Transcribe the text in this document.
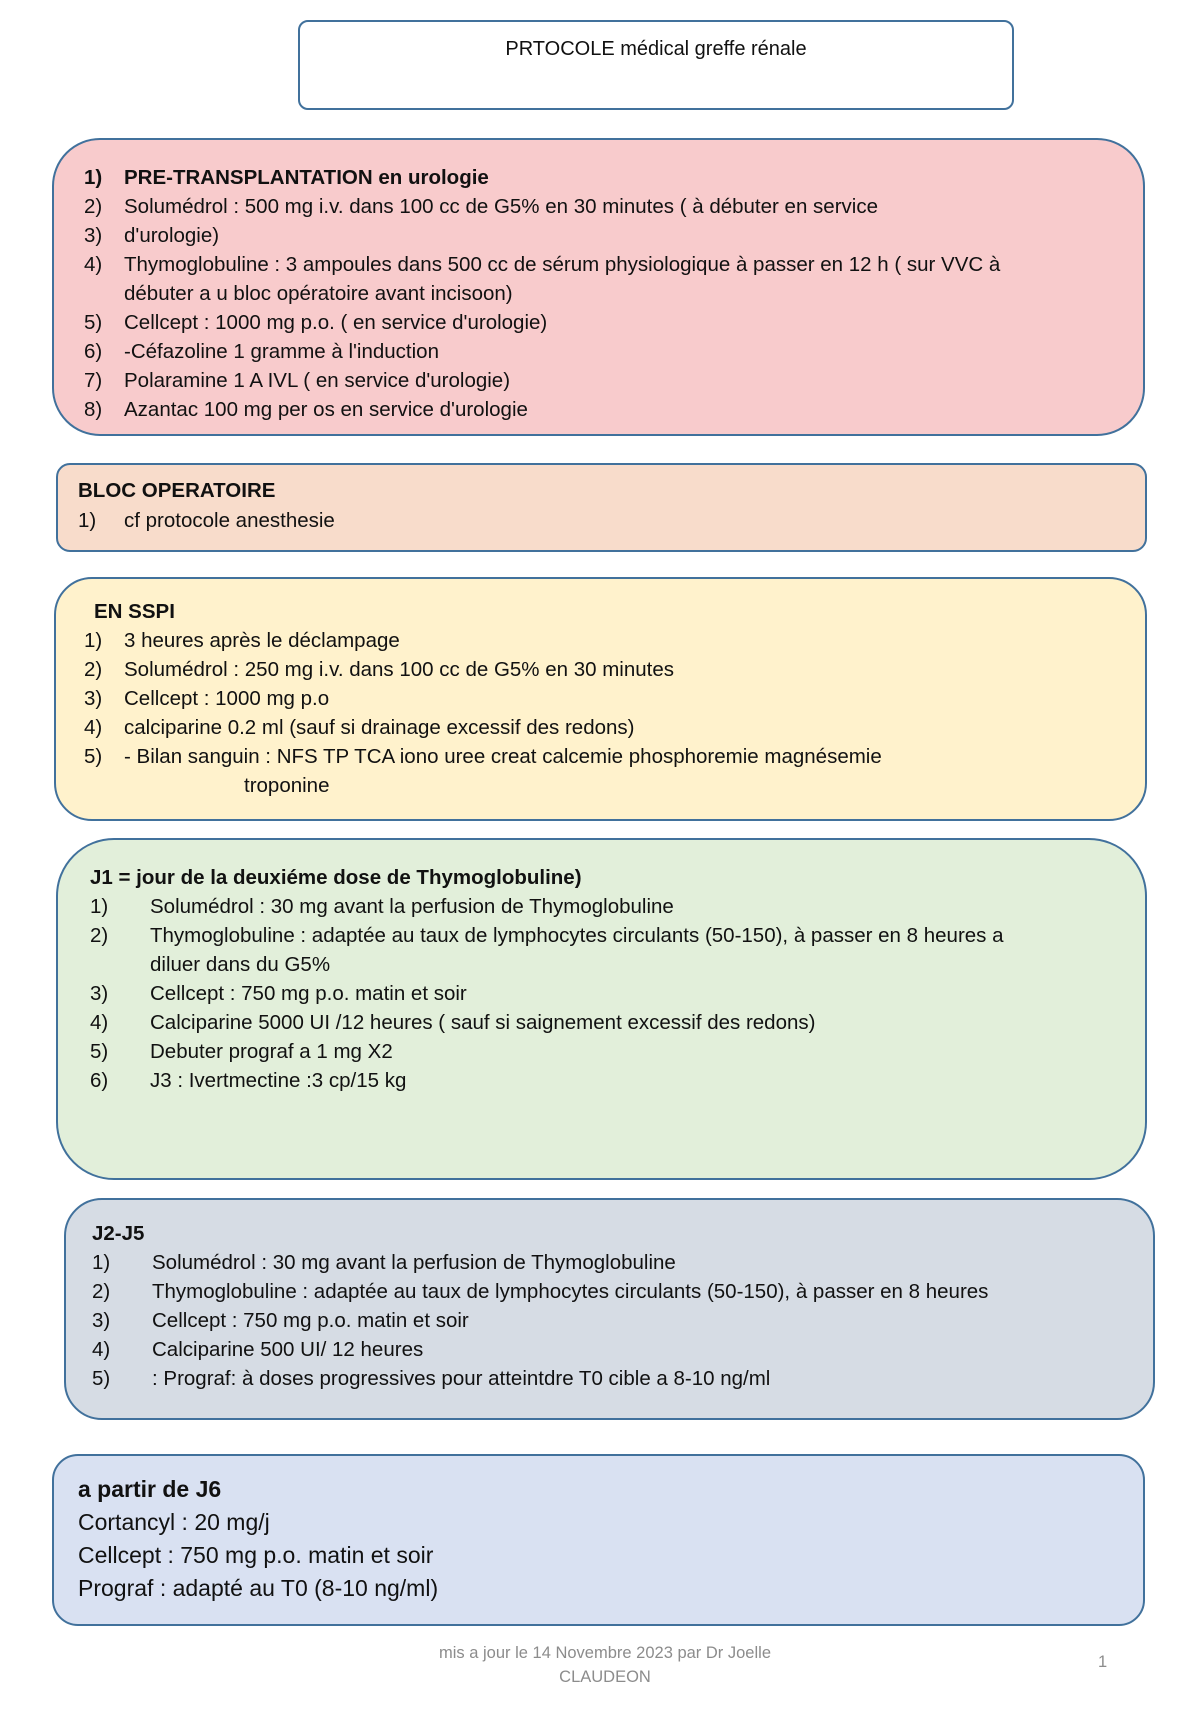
PRTOCOLE médical greffe rénale
1) PRE-TRANSPLANTATION en urologie
2) Solumédrol : 500 mg i.v. dans 100 cc de G5% en 30 minutes ( à débuter en service
3) d'urologie)
4) Thymoglobuline : 3 ampoules dans 500 cc de sérum physiologique à passer en 12 h ( sur VVC à
débuter a u bloc opératoire avant incisoon)
5) Cellcept : 1000 mg p.o. ( en service d'urologie)
6) -Céfazoline 1 gramme à l'induction
7) Polaramine 1 A IVL ( en service d'urologie)
8) Azantac 100 mg per os en service d'urologie
BLOC OPERATOIRE
1) cf protocole anesthesie
EN SSPI
1) 3 heures après le déclampage
2) Solumédrol : 250 mg i.v. dans 100 cc de G5% en 30 minutes
3) Cellcept : 1000 mg p.o
4) calciparine 0.2 ml (sauf si drainage excessif des redons)
5) - Bilan sanguin : NFS TP TCA iono uree creat calcemie phosphoremie magnésemie
troponine
J1 = jour de la deuxiéme dose de Thymoglobuline)
1) Solumédrol : 30 mg avant la perfusion de Thymoglobuline
2) Thymoglobuline : adaptée au taux de lymphocytes circulants (50-150), à passer en 8 heures a
diluer dans du G5%
3) Cellcept : 750 mg p.o. matin et soir
4) Calciparine 5000 UI /12 heures ( sauf si saignement excessif des redons)
5) Debuter prograf a 1 mg X2
6) J3 : Ivertmectine :3 cp/15 kg
J2-J5
1) Solumédrol : 30 mg avant la perfusion de Thymoglobuline
2) Thymoglobuline : adaptée au taux de lymphocytes circulants (50-150), à passer en 8 heures
3) Cellcept : 750 mg p.o. matin et soir
4) Calciparine 500 UI/ 12 heures
5) : Prograf: à doses progressives pour atteintdre T0 cible a 8-10 ng/ml
a partir de J6
Cortancyl : 20 mg/j
Cellcept : 750 mg p.o. matin et soir
Prograf : adapté au T0 (8-10 ng/ml)
mis a jour le 14 Novembre 2023 par Dr Joelle
CLAUDEON
1
